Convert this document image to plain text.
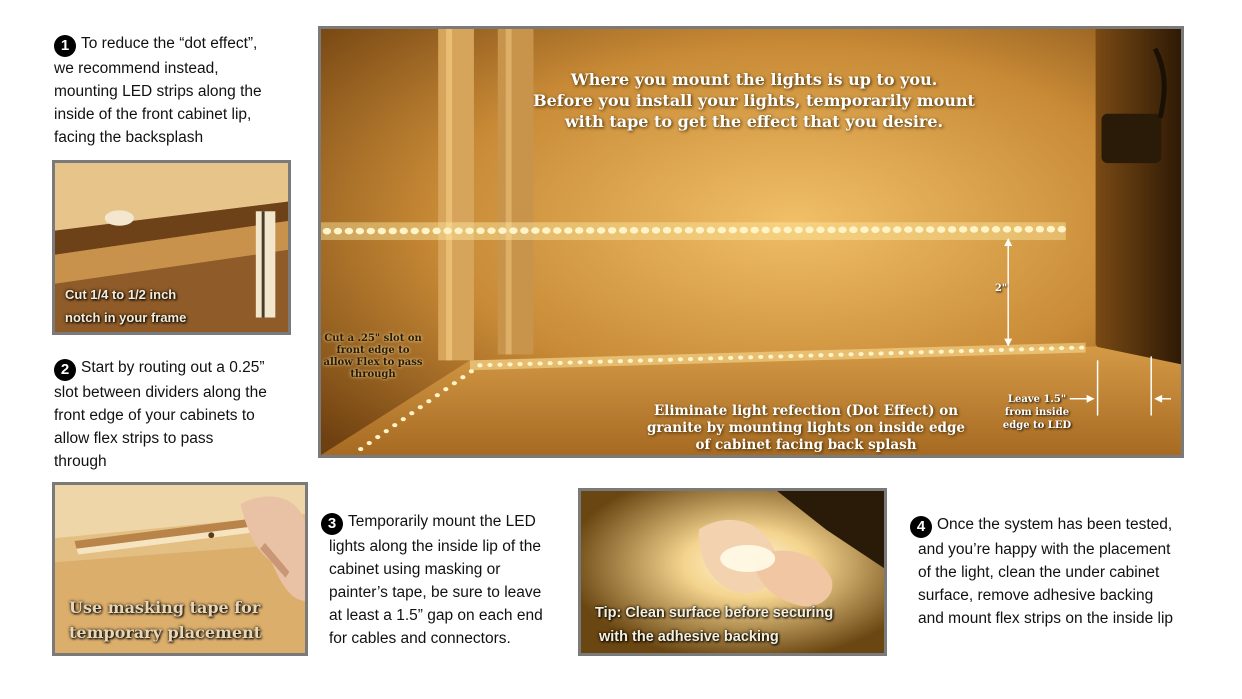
1 To reduce the “dot effect”,
we recommend instead,
mounting LED strips along the
inside of the front cabinet lip,
facing the backsplash
Cut 1/4 to 1/2 inch
notch in your frame
2 Start by routing out a 0.25”
slot between dividers along the
front edge of your cabinets to
allow flex strips to pass
through
Use masking tape for
temporary placement
Where you mount the lights is up to you.
Before you install your lights, temporarily mount
with tape to get the effect that you desire.
Cut a .25" slot on
front edge to
allow Flex to pass
through
2"
Leave 1.5"
from inside
edge to LED
Eliminate light refection (Dot Effect) on
granite by mounting lights on inside edge
of cabinet facing back splash
3 Temporarily mount the LED
lights along the inside lip of the
cabinet using masking or
painter’s tape, be sure to leave
at least a 1.5” gap on each end
for cables and connectors.
Tip: Clean surface before securing
with the adhesive backing
4 Once the system has been tested,
and you’re happy with the placement
of the light, clean the under cabinet
surface, remove adhesive backing
and mount flex strips on the inside lip
